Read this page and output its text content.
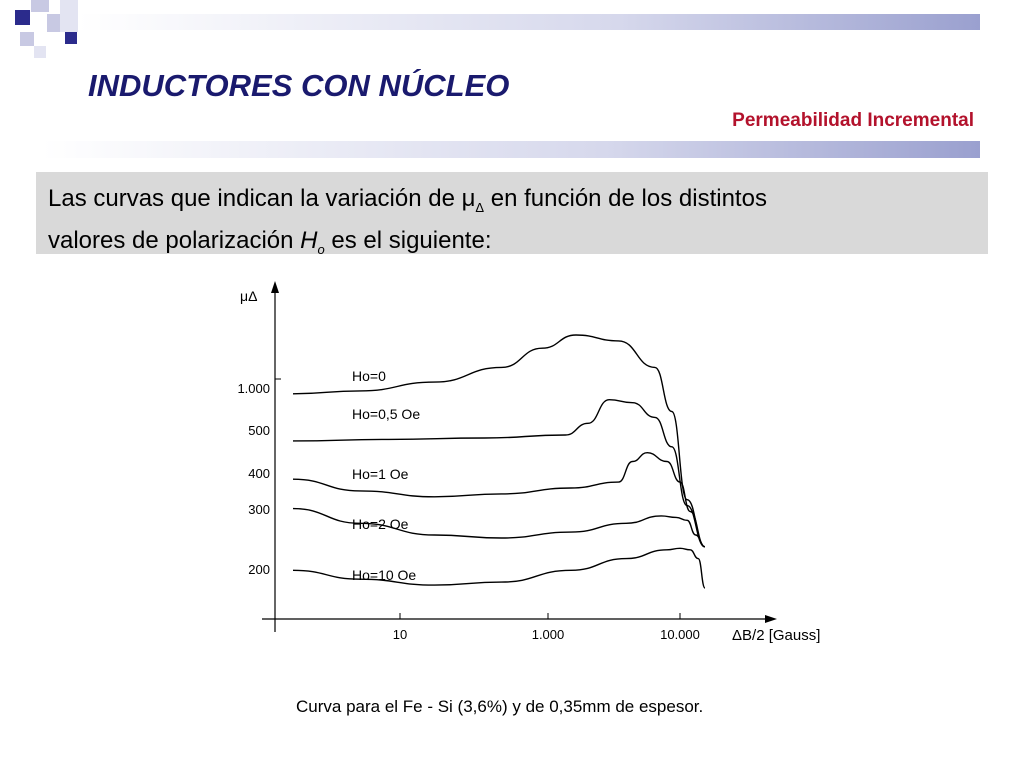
INDUCTORES CON NÚCLEO
Permeabilidad Incremental
Las curvas que indican la variación de $\mu_\Delta$ en función de los distintos
valores de polarización $H_o$ es el siguiente:
μΔ
ΔB/2 [Gauss]
1.000
500
400
300
200
10	1.000	10.000
Ho=0
Ho=0,5 Oe
Ho=1 Oe
Ho=2 Oe
Ho=10 Oe
Curva para el Fe - Si (3,6%) y de 0,35mm de espesor.
